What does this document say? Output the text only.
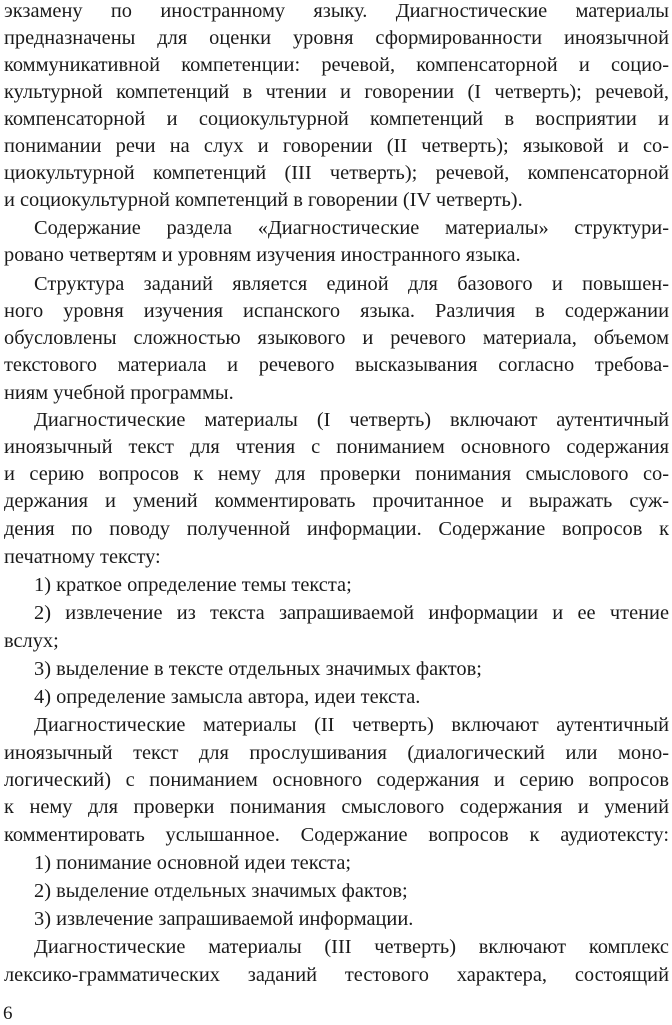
экзамену по иностранному языку. Диагностические материалы
предназначены для оценки уровня сформированности иноязычной
коммуникативной компетенции: речевой, компенсаторной и социо-
культурной компетенций в чтении и говорении (I четверть); речевой,
компенсаторной и социокультурной компетенций в восприятии и
понимании речи на слух и говорении (II четверть); языковой и со-
циокультурной компетенций (III четверть); речевой, компенсаторной
и социокультурной компетенций в говорении (IV четверть).
Содержание раздела «Диагностические материалы» структури-
ровано четвертям и уровням изучения иностранного языка.
Структура заданий является единой для базового и повышен-
ного уровня изучения испанского языка. Различия в содержании
обусловлены сложностью языкового и речевого материала, объемом
текстового материала и речевого высказывания согласно требова-
ниям учебной программы.
Диагностические материалы (I четверть) включают аутентичный
иноязычный текст для чтения с пониманием основного содержания
и серию вопросов к нему для проверки понимания смыслового со-
держания и умений комментировать прочитанное и выражать суж-
дения по поводу полученной информации. Содержание вопросов к
печатному тексту:
1) краткое определение темы текста;
2) извлечение из текста запрашиваемой информации и ее чтение
вслух;
3) выделение в тексте отдельных значимых фактов;
4) определение замысла автора, идеи текста.
Диагностические материалы (II четверть) включают аутентичный
иноязычный текст для прослушивания (диалогический или моно-
логический) с пониманием основного содержания и серию вопросов
к нему для проверки понимания смыслового содержания и умений
комментировать услышанное. Содержание вопросов к аудиотексту:
1) понимание основной идеи текста;
2) выделение отдельных значимых фактов;
3) извлечение запрашиваемой информации.
Диагностические материалы (III четверть) включают комплекс
лексико-грамматических заданий тестового характера, состоящий
6
